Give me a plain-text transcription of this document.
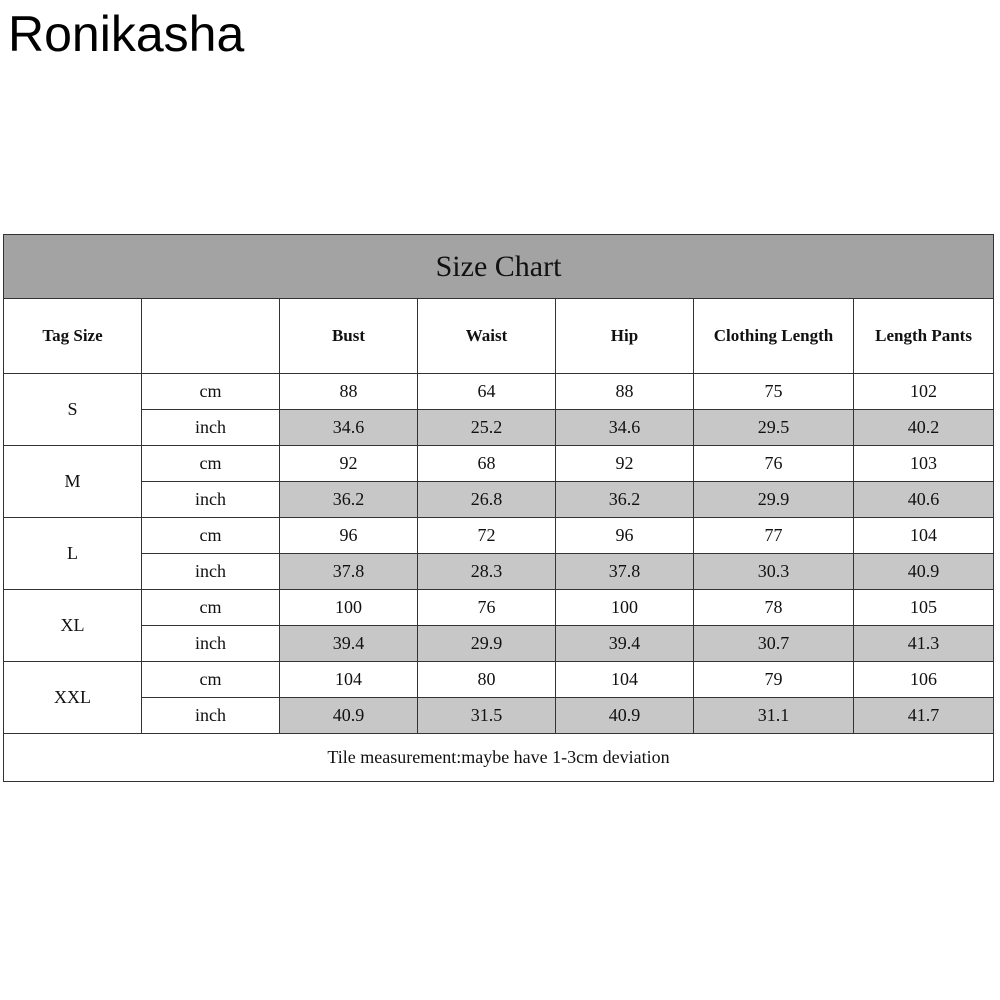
Ronikasha
Size Chart						
Tag Size		Bust	Waist	Hip	Clothing Length	Length Pants
S	cm	88	64	88	75	102
	inch	34.6	25.2	34.6	29.5	40.2
M	cm	92	68	92	76	103
	inch	36.2	26.8	36.2	29.9	40.6
L	cm	96	72	96	77	104
	inch	37.8	28.3	37.8	30.3	40.9
XL	cm	100	76	100	78	105
	inch	39.4	29.9	39.4	30.7	41.3
XXL	cm	104	80	104	79	106
	inch	40.9	31.5	40.9	31.1	41.7
Tile measurement:maybe have 1-3cm deviation						
